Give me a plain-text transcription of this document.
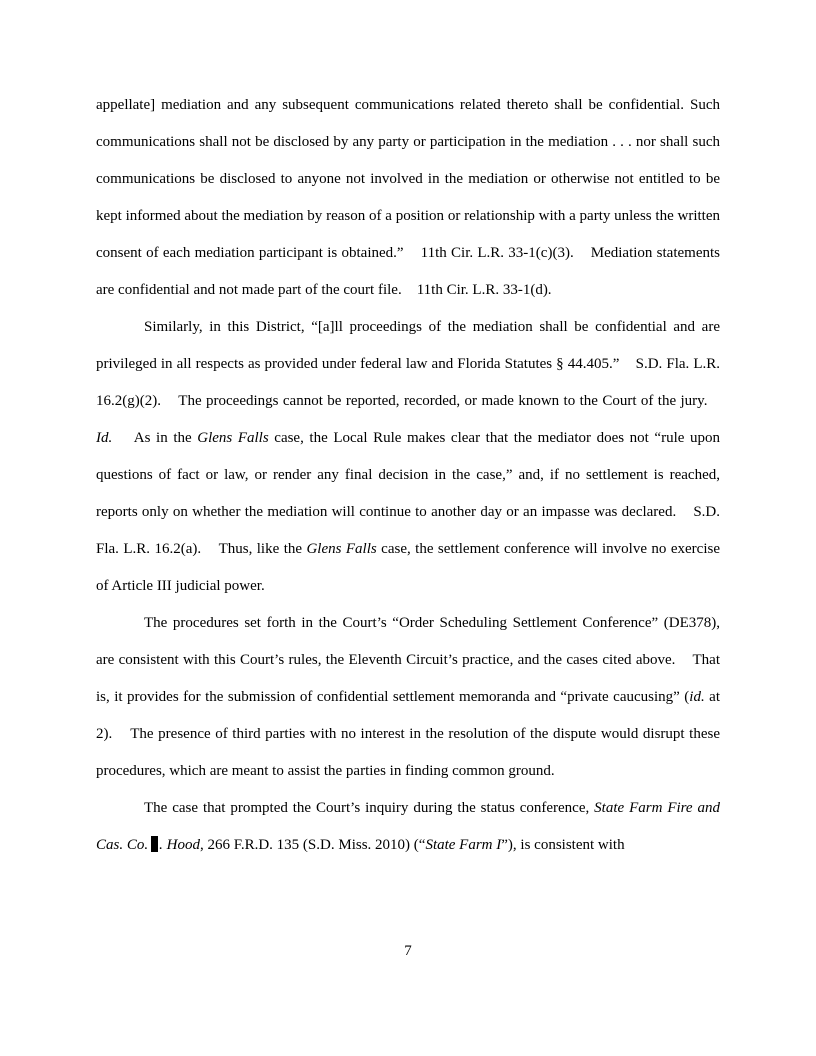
appellate] mediation and any subsequent communications related thereto shall be confidential. Such communications shall not be disclosed by any party or participation in the mediation . . . nor shall such communications be disclosed to anyone not involved in the mediation or otherwise not entitled to be kept informed about the mediation by reason of a position or relationship with a party unless the written consent of each mediation participant is obtained.”    11th Cir. L.R. 33-1(c)(3).    Mediation statements are confidential and not made part of the court file.    11th Cir. L.R. 33-1(d).

Similarly, in this District, “[a]ll proceedings of the mediation shall be confidential and are privileged in all respects as provided under federal law and Florida Statutes § 44.405.”    S.D. Fla. L.R. 16.2(g)(2).    The proceedings cannot be reported, recorded, or made known to the Court of the jury.    Id.    As in the Glens Falls case, the Local Rule makes clear that the mediator does not “rule upon questions of fact or law, or render any final decision in the case,” and, if no settlement is reached, reports only on whether the mediation will continue to another day or an impasse was declared.    S.D. Fla. L.R. 16.2(a).    Thus, like the Glens Falls case, the settlement conference will involve no exercise of Article III judicial power.

The procedures set forth in the Court’s “Order Scheduling Settlement Conference” (DE378), are consistent with this Court’s rules, the Eleventh Circuit’s practice, and the cases cited above.    That is, it provides for the submission of confidential settlement memoranda and “private caucusing” (id. at 2).    The presence of third parties with no interest in the resolution of the dispute would disrupt these procedures, which are meant to assist the parties in finding common ground.

The case that prompted the Court’s inquiry during the status conference, State Farm Fire and Cas. Co. . Hood, 266 F.R.D. 135 (S.D. Miss. 2010) (“State Farm I”), is consistent with

7
